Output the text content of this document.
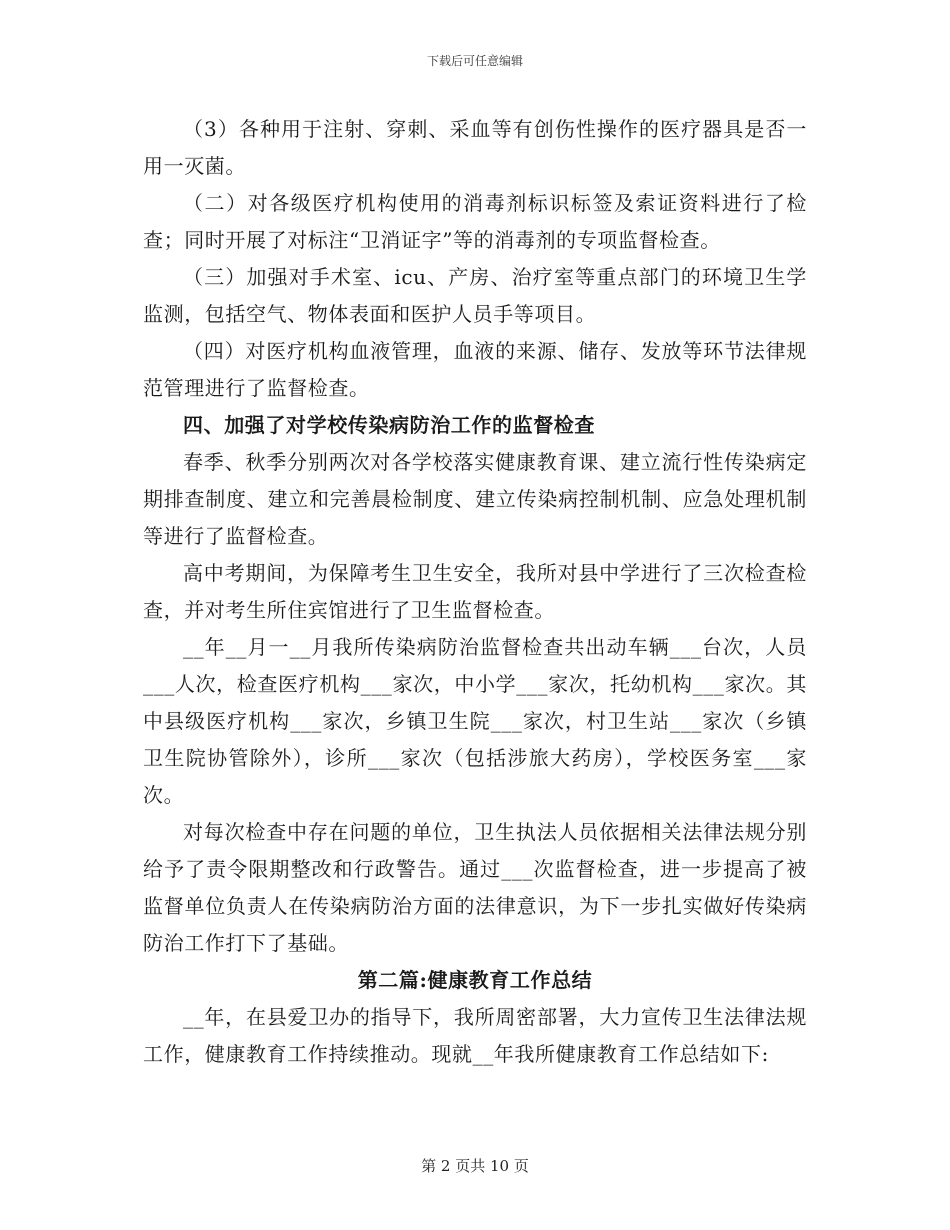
下载后可任意编辑

（3）各种用于注射、穿刺、采血等有创伤性操作的医疗器具是否一用一灭菌。

（二）对各级医疗机构使用的消毒剂标识标签及索证资料进行了检查；同时开展了对标注“卫消证字”等的消毒剂的专项监督检查。

（三）加强对手术室、icu、产房、治疗室等重点部门的环境卫生学监测，包括空气、物体表面和医护人员手等项目。

（四）对医疗机构血液管理，血液的来源、储存、发放等环节法律规范管理进行了监督检查。

四、加强了对学校传染病防治工作的监督检查

春季、秋季分别两次对各学校落实健康教育课、建立流行性传染病定期排查制度、建立和完善晨检制度、建立传染病控制机制、应急处理机制等进行了监督检查。

高中考期间，为保障考生卫生安全，我所对县中学进行了三次检查检查，并对考生所住宾馆进行了卫生监督检查。

__年__月一__月我所传染病防治监督检查共出动车辆___台次，人员___人次，检查医疗机构___家次，中小学___家次，托幼机构___家次。其中县级医疗机构___家次，乡镇卫生院___家次，村卫生站___家次（乡镇卫生院协管除外），诊所___家次（包括涉旅大药房），学校医务室___家次。

对每次检查中存在问题的单位，卫生执法人员依据相关法律法规分别给予了责令限期整改和行政警告。通过___次监督检查，进一步提高了被监督单位负责人在传染病防治方面的法律意识，为下一步扎实做好传染病防治工作打下了基础。

第二篇:健康教育工作总结

__年，在县爱卫办的指导下，我所周密部署，大力宣传卫生法律法规工作，健康教育工作持续推动。现就__年我所健康教育工作总结如下:

第 2 页共 10 页
